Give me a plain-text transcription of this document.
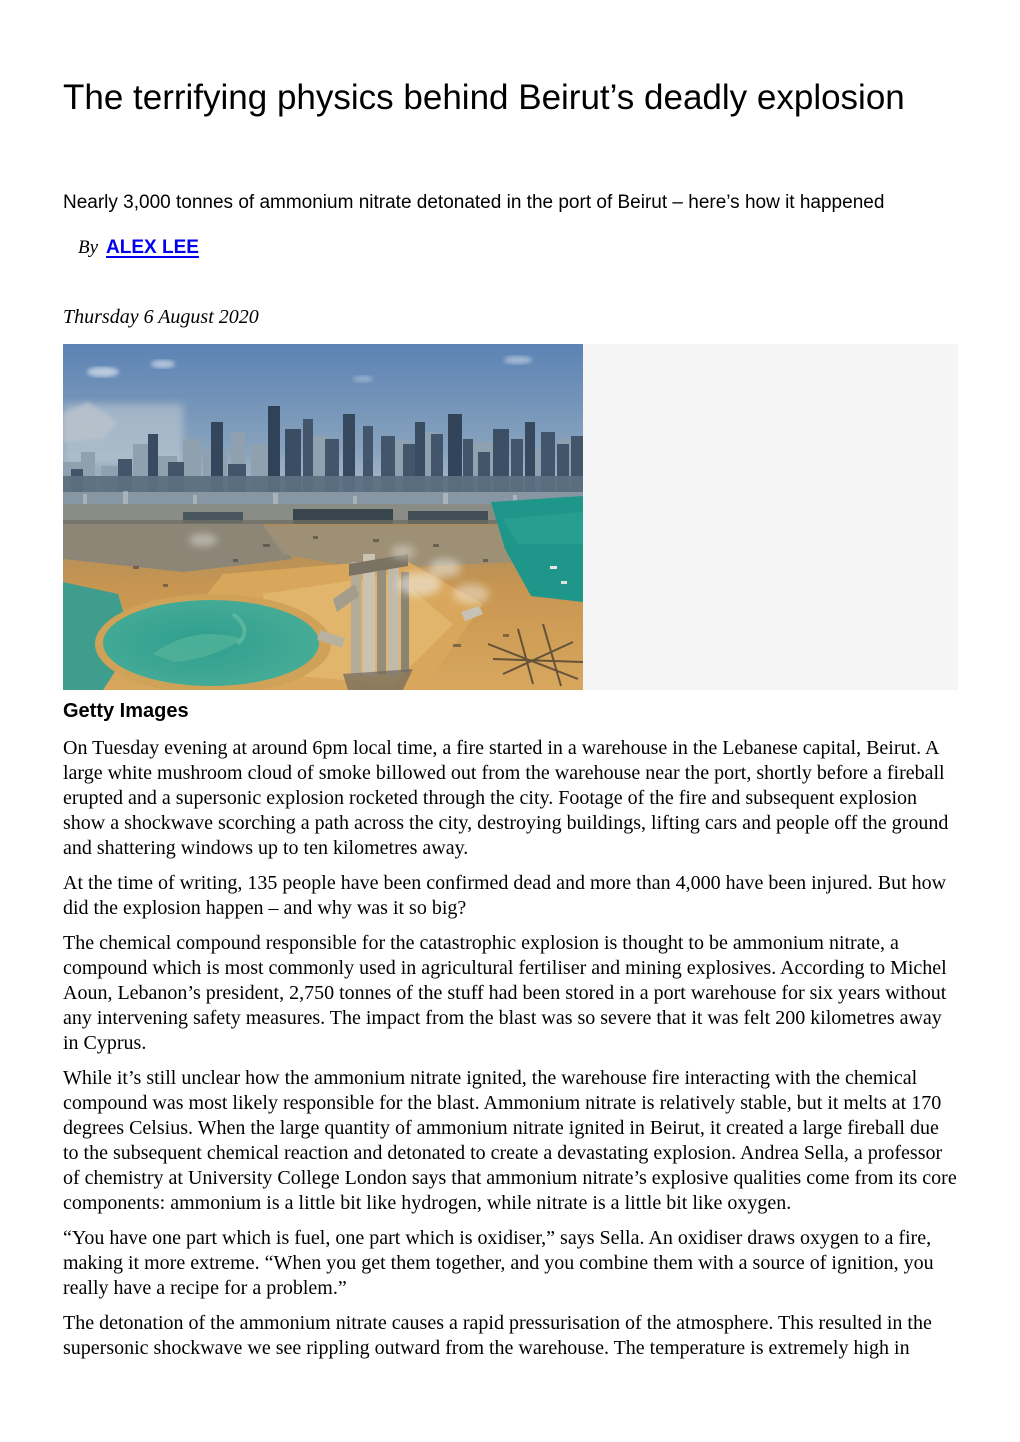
The terrifying physics behind Beirut’s deadly explosion

Nearly 3,000 tonnes of ammonium nitrate detonated in the port of Beirut – here’s how it happened

By ALEX LEE

Thursday 6 August 2020

Getty Images

On Tuesday evening at around 6pm local time, a fire started in a warehouse in the Lebanese capital, Beirut. A large white mushroom cloud of smoke billowed out from the warehouse near the port, shortly before a fireball erupted and a supersonic explosion rocketed through the city. Footage of the fire and subsequent explosion show a shockwave scorching a path across the city, destroying buildings, lifting cars and people off the ground and shattering windows up to ten kilometres away.

At the time of writing, 135 people have been confirmed dead and more than 4,000 have been injured. But how did the explosion happen – and why was it so big?

The chemical compound responsible for the catastrophic explosion is thought to be ammonium nitrate, a compound which is most commonly used in agricultural fertiliser and mining explosives. According to Michel Aoun, Lebanon’s president, 2,750 tonnes of the stuff had been stored in a port warehouse for six years without any intervening safety measures. The impact from the blast was so severe that it was felt 200 kilometres away in Cyprus.

While it’s still unclear how the ammonium nitrate ignited, the warehouse fire interacting with the chemical compound was most likely responsible for the blast. Ammonium nitrate is relatively stable, but it melts at 170 degrees Celsius. When the large quantity of ammonium nitrate ignited in Beirut, it created a large fireball due to the subsequent chemical reaction and detonated to create a devastating explosion. Andrea Sella, a professor of chemistry at University College London says that ammonium nitrate’s explosive qualities come from its core components: ammonium is a little bit like hydrogen, while nitrate is a little bit like oxygen.

“You have one part which is fuel, one part which is oxidiser,” says Sella. An oxidiser draws oxygen to a fire, making it more extreme. “When you get them together, and you combine them with a source of ignition, you really have a recipe for a problem.”

The detonation of the ammonium nitrate causes a rapid pressurisation of the atmosphere. This resulted in the supersonic shockwave we see rippling outward from the warehouse. The temperature is extremely high in
